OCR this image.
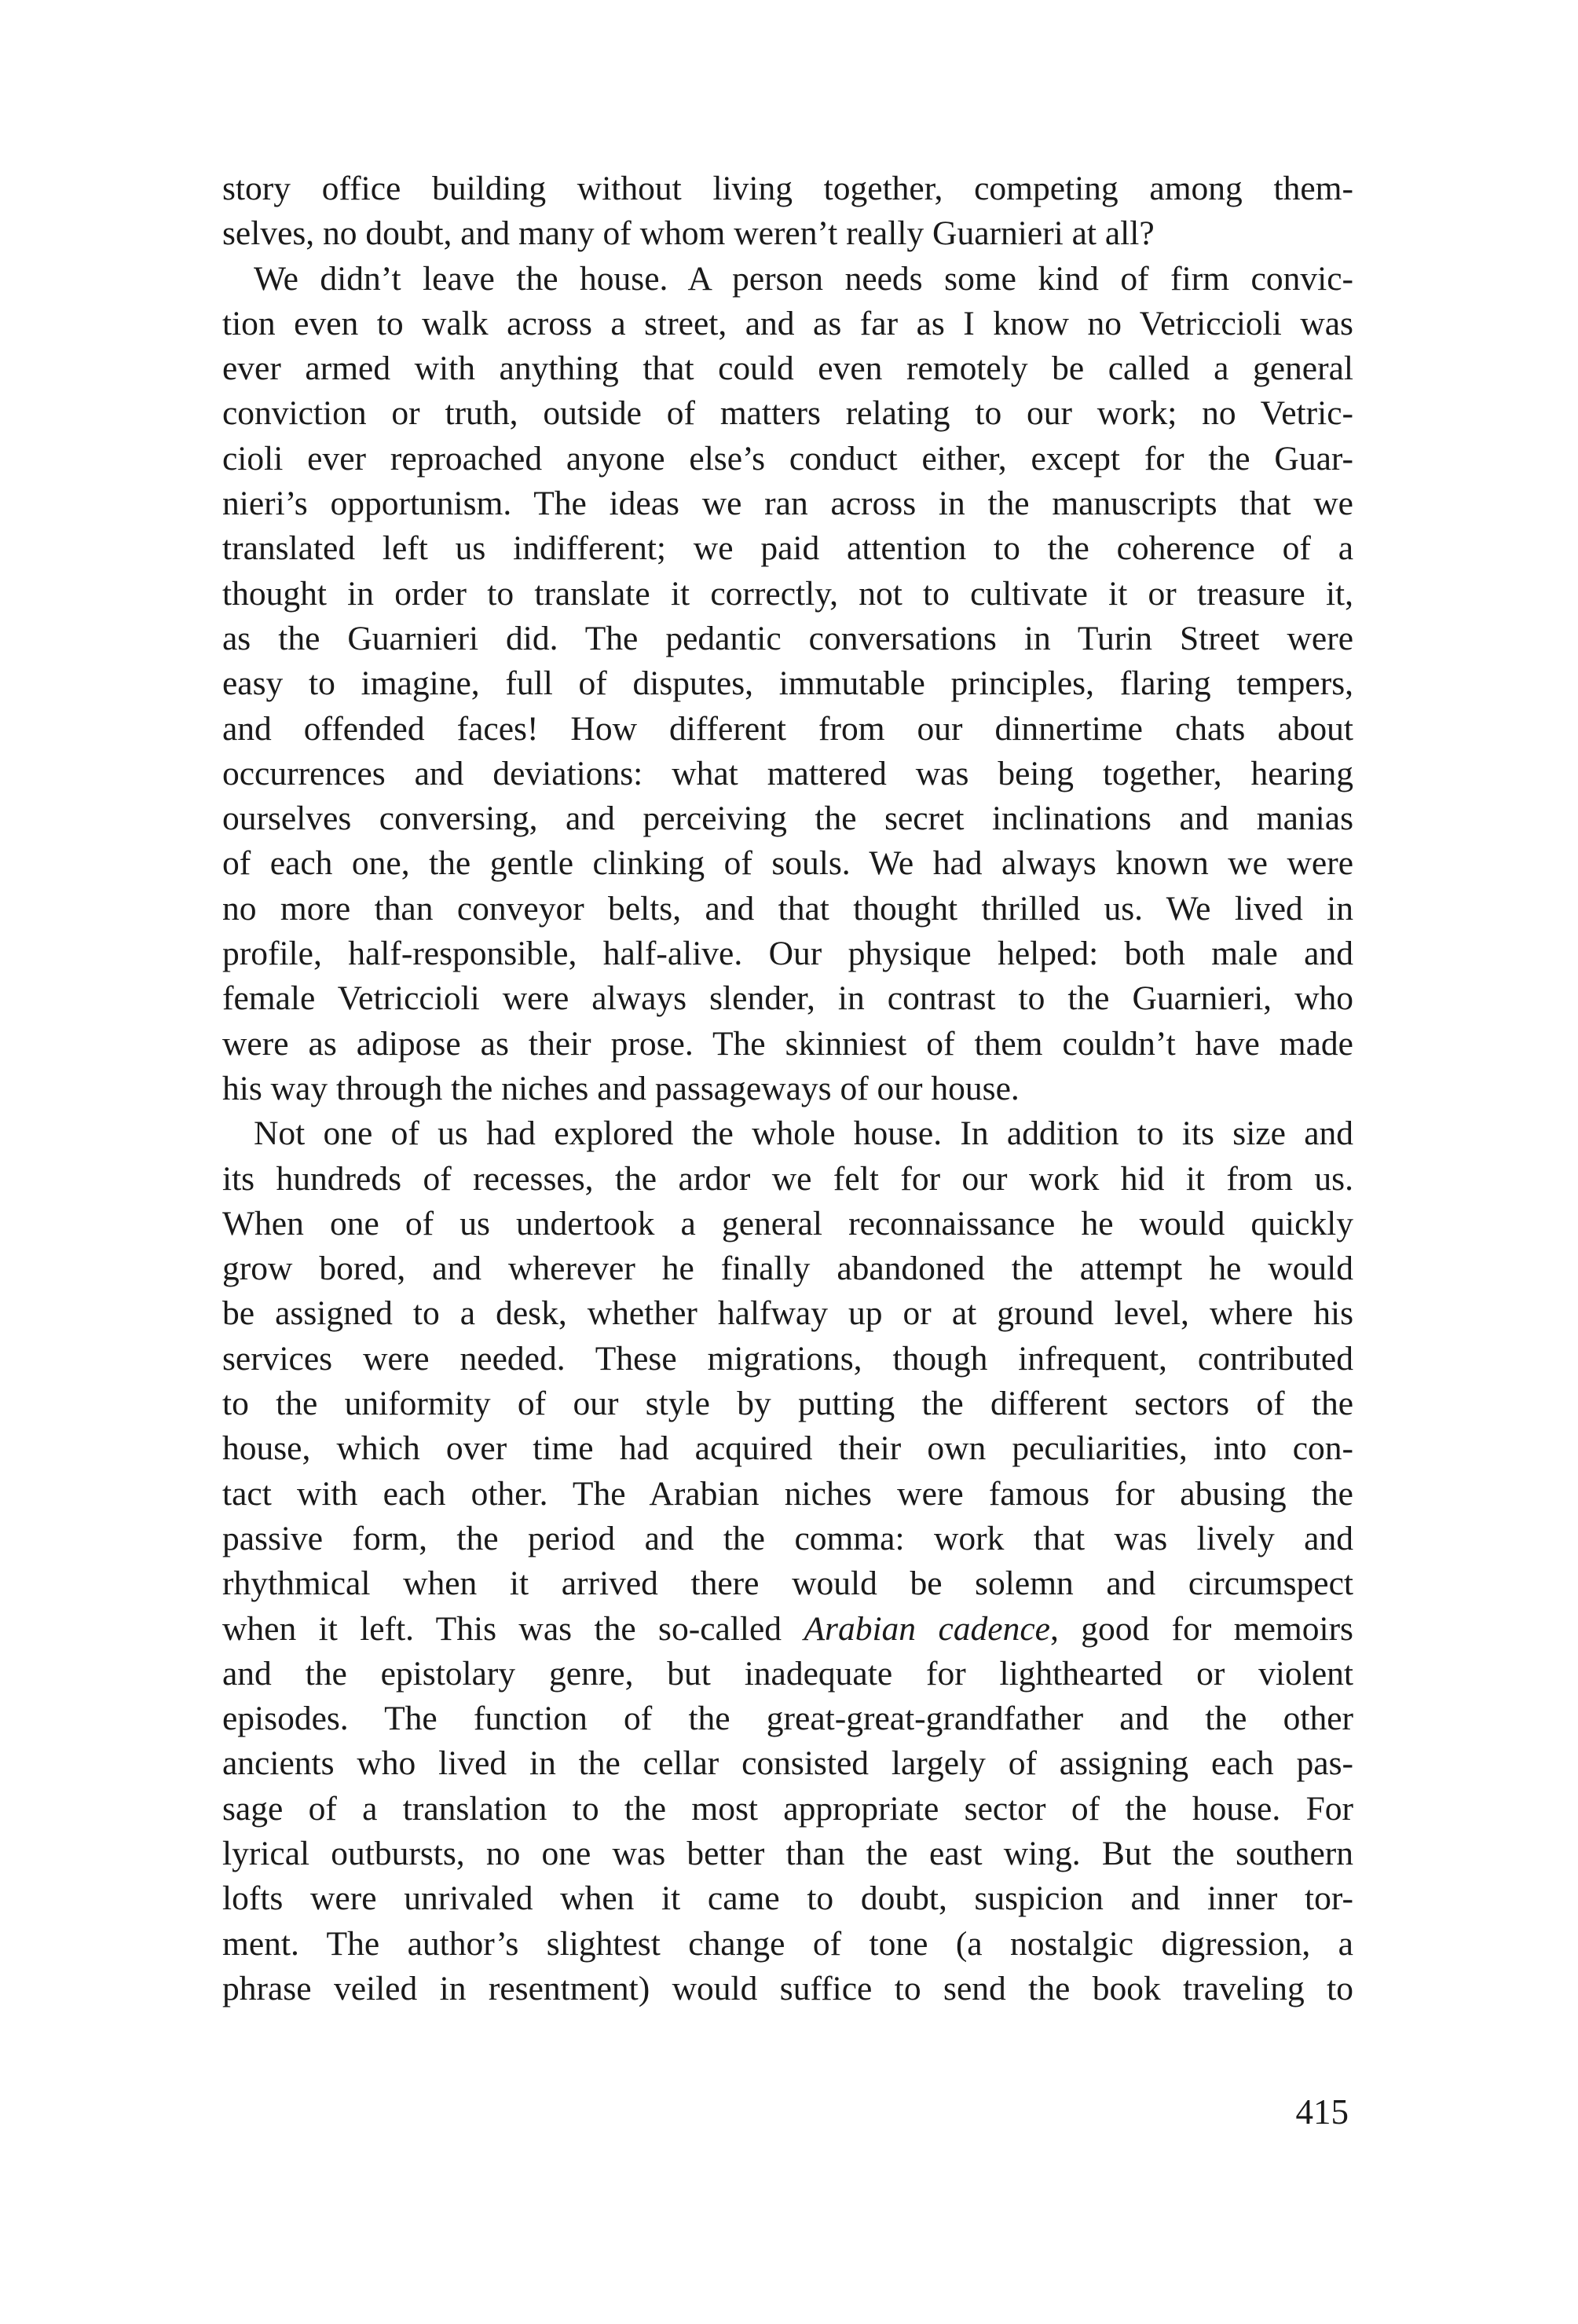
story office building without living together, competing among them-
selves, no doubt, and many of whom weren’t really Guarnieri at all?
We didn’t leave the house. A person needs some kind of firm convic-
tion even to walk across a street, and as far as I know no Vetriccioli was
ever armed with anything that could even remotely be called a general
conviction or truth, outside of matters relating to our work; no Vetric-
cioli ever reproached anyone else’s conduct either, except for the Guar-
nieri’s opportunism. The ideas we ran across in the manuscripts that we
translated left us indifferent; we paid attention to the coherence of a
thought in order to translate it correctly, not to cultivate it or treasure it,
as the Guarnieri did. The pedantic conversations in Turin Street were
easy to imagine, full of disputes, immutable principles, flaring tempers,
and offended faces! How different from our dinnertime chats about
occurrences and deviations: what mattered was being together, hearing
ourselves conversing, and perceiving the secret inclinations and manias
of each one, the gentle clinking of souls. We had always known we were
no more than conveyor belts, and that thought thrilled us. We lived in
profile, half-responsible, half-alive. Our physique helped: both male and
female Vetriccioli were always slender, in contrast to the Guarnieri, who
were as adipose as their prose. The skinniest of them couldn’t have made
his way through the niches and passageways of our house.
Not one of us had explored the whole house. In addition to its size and
its hundreds of recesses, the ardor we felt for our work hid it from us.
When one of us undertook a general reconnaissance he would quickly
grow bored, and wherever he finally abandoned the attempt he would
be assigned to a desk, whether halfway up or at ground level, where his
services were needed. These migrations, though infrequent, contributed
to the uniformity of our style by putting the different sectors of the
house, which over time had acquired their own peculiarities, into con-
tact with each other. The Arabian niches were famous for abusing the
passive form, the period and the comma: work that was lively and
rhythmical when it arrived there would be solemn and circumspect
when it left. This was the so-called Arabian cadence, good for memoirs
and the epistolary genre, but inadequate for lighthearted or violent
episodes. The function of the great-great-grandfather and the other
ancients who lived in the cellar consisted largely of assigning each pas-
sage of a translation to the most appropriate sector of the house. For
lyrical outbursts, no one was better than the east wing. But the southern
lofts were unrivaled when it came to doubt, suspicion and inner tor-
ment. The author’s slightest change of tone (a nostalgic digression, a
phrase veiled in resentment) would suffice to send the book traveling to
415
